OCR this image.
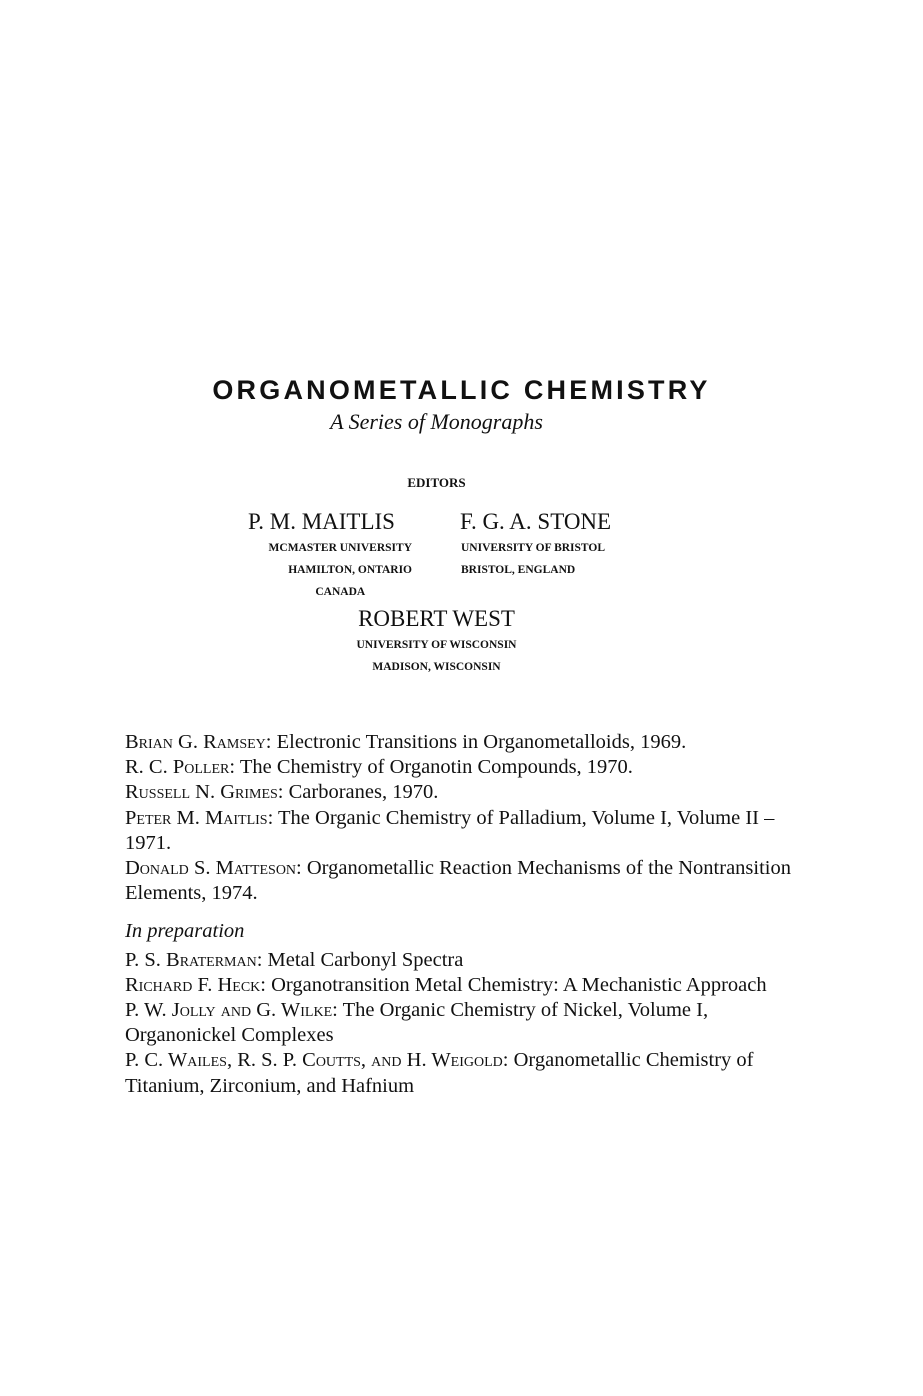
ORGANOMETALLIC CHEMISTRY
A Series of Monographs
EDITORS
P. M. MAITLIS
MCMASTER UNIVERSITY
HAMILTON, ONTARIO
CANADA
F. G. A. STONE
UNIVERSITY OF BRISTOL
BRISTOL, ENGLAND
ROBERT WEST
UNIVERSITY OF WISCONSIN
MADISON, WISCONSIN

Brian G. Ramsey: Electronic Transitions in Organometalloids, 1969.

R. C. Poller: The Chemistry of Organotin Compounds, 1970.

Russell N. Grimes: Carboranes, 1970.

Peter M. Maitlis: The Organic Chemistry of Palladium, Volume I, Volume II – 1971.

Donald S. Matteson: Organometallic Reaction Mechanisms of the Nontransition Elements, 1974.

In preparation

P. S. Braterman: Metal Carbonyl Spectra

Richard F. Heck: Organotransition Metal Chemistry: A Mechanistic Approach

P. W. Jolly and G. Wilke: The Organic Chemistry of Nickel, Volume I, Organonickel Complexes

P. C. Wailes, R. S. P. Coutts, and H. Weigold: Organometallic Chemistry of Titanium, Zirconium, and Hafnium
